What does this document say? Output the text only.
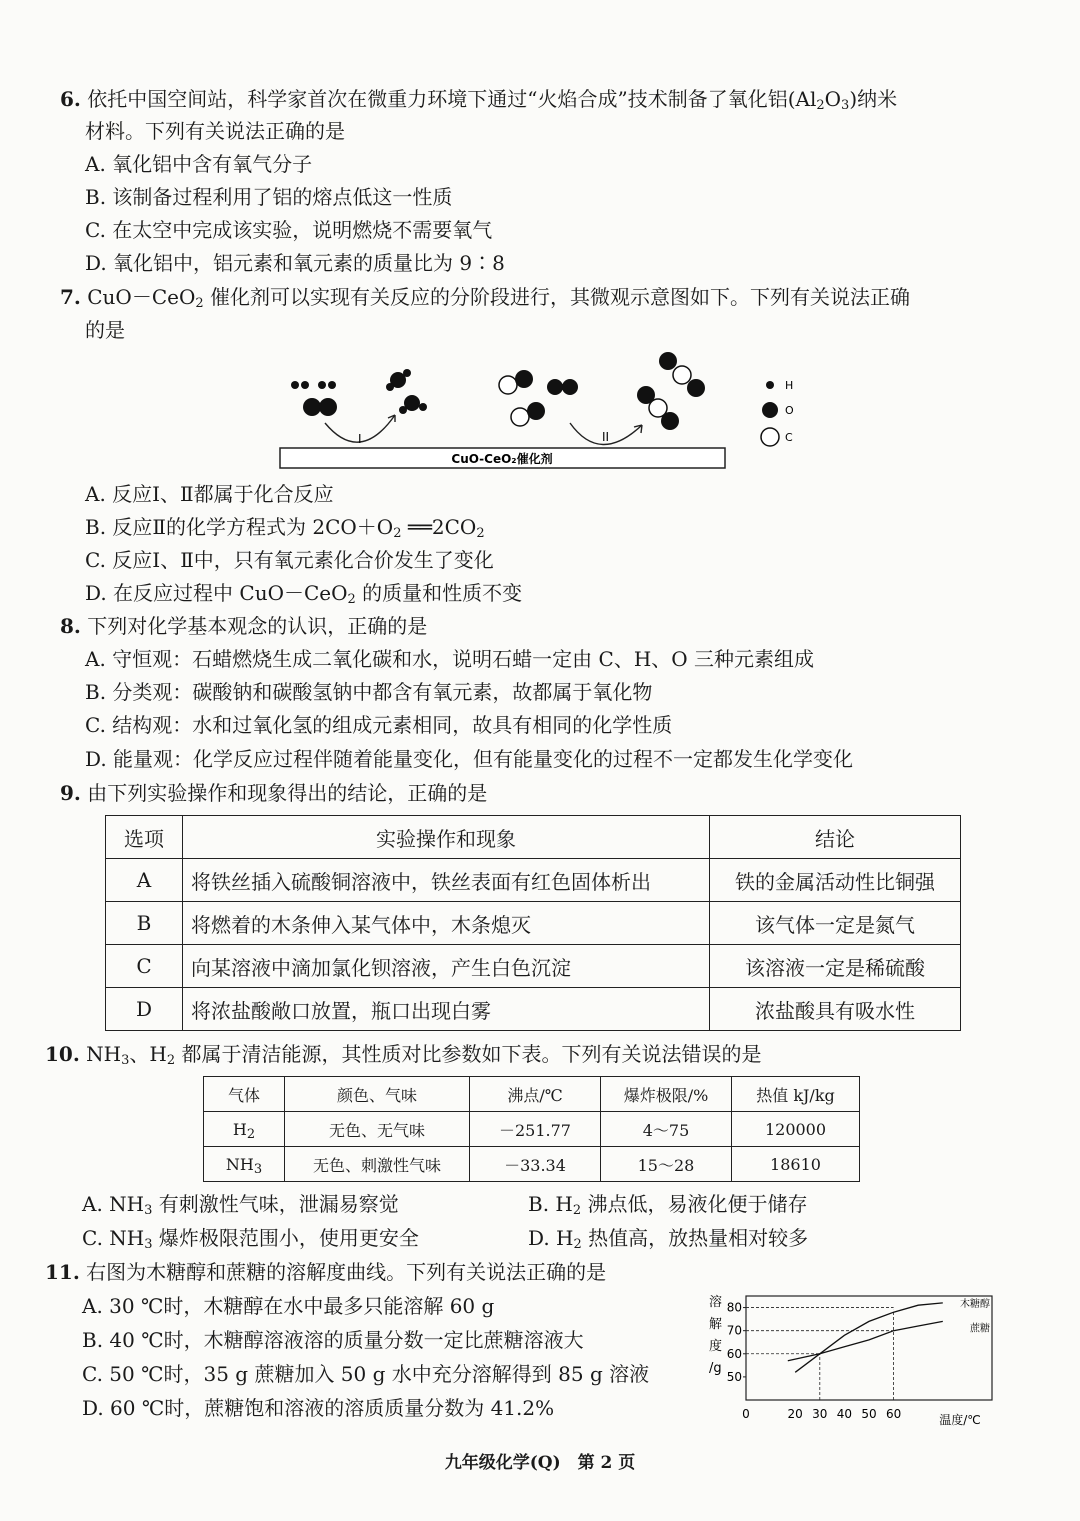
6. 依托中国空间站，科学家首次在微重力环境下通过“火焰合成”技术制备了氧化铝$(Al_2O_3)$纳米
材料。下列有关说法正确的是
A. 氧化铝中含有氧气分子
B. 该制备过程利用了铝的熔点低这一性质
C. 在太空中完成该实验，说明燃烧不需要氧气
D. 氧化铝中，铝元素和氧元素的质量比为 9∶8
7. CuO－CeO$_2$ 催化剂可以实现有关反应的分阶段进行，其微观示意图如下。下列有关说法正确
的是
CuO-CeO₂催化剂
I	II
H
O
C
A. 反应Ⅰ、Ⅱ都属于化合反应
B. 反应Ⅱ的化学方程式为 $2CO+O_2$ $══2CO_2$
C. 反应Ⅰ、Ⅱ中，只有氧元素化合价发生了变化
D. 在反应过程中 CuO－CeO$_2$ 的质量和性质不变
8. 下列对化学基本观念的认识，正确的是
A. 守恒观：石蜡燃烧生成二氧化碳和水，说明石蜡一定由 C、H、O 三种元素组成
B. 分类观：碳酸钠和碳酸氢钠中都含有氧元素，故都属于氧化物
C. 结构观：水和过氧化氢的组成元素相同，故具有相同的化学性质
D. 能量观：化学反应过程伴随着能量变化，但有能量变化的过程不一定都发生化学变化
9. 由下列实验操作和现象得出的结论，正确的是
选项	实验操作和现象	结论
A	将铁丝插入硫酸铜溶液中，铁丝表面有红色固体析出	铁的金属活动性比铜强
B	将燃着的木条伸入某气体中，木条熄灭	该气体一定是氮气
C	向某溶液中滴加氯化钡溶液，产生白色沉淀	该溶液一定是稀硫酸
D	将浓盐酸敞口放置，瓶口出现白雾	浓盐酸具有吸水性
10. $NH_3$、$H_2$ 都属于清洁能源，其性质对比参数如下表。下列有关说法错误的是
气体	颜色、气味	沸点/℃	爆炸极限/%	热值 kJ/kg
$H_2$	无色、无气味	－251.77	4～75	120000
$NH_3$	无色、刺激性气味	－33.34	15～28	18610
A. $NH_3$ 有刺激性气味，泄漏易察觉	B. $H_2$ 沸点低，易液化便于储存
C. $NH_3$ 爆炸极限范围小，使用更安全	D. $H_2$ 热值高，放热量相对较多
11. 右图为木糖醇和蔗糖的溶解度曲线。下列有关说法正确的是
A. 30 ℃时，木糖醇在水中最多只能溶解 60 g
B. 40 ℃时，木糖醇溶液溶的质量分数一定比蔗糖溶液大
C. 50 ℃时，35 g 蔗糖加入 50 g 水中充分溶解得到 85 g 溶液
D. 60 ℃时，蔗糖饱和溶液的溶质质量分数为 41.2%
50
60
70
80
0	20 30 40 50 60
木糖醇
蔗糖
溶
解
度
/g
温度/℃
九年级化学(Q)　第 2 页
